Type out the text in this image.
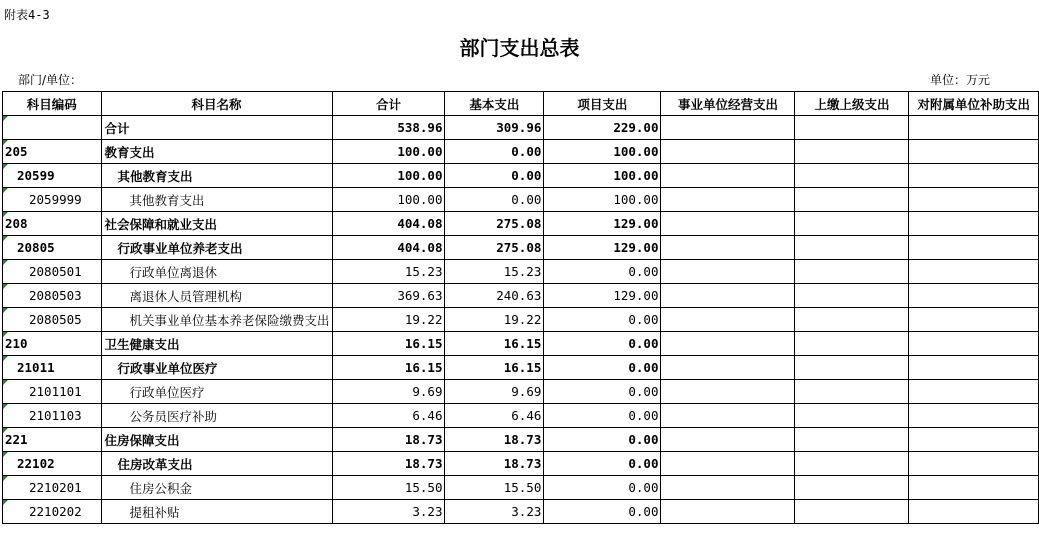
附表4-3
部门支出总表
部门/单位：	单位：万元
科目编码	科目名称	合计	基本支出	项目支出	事业单位经营支出	上缴上级支出	对附属单位补助支出

	合计	538.96	309.96	229.00			

205	教育支出	100.00	0.00	100.00			

20599	其他教育支出	100.00	0.00	100.00			

2059999	其他教育支出	100.00	0.00	100.00			

208	社会保障和就业支出	404.08	275.08	129.00			

20805	行政事业单位养老支出	404.08	275.08	129.00			

2080501	行政单位离退休	15.23	15.23	0.00			

2080503	离退休人员管理机构	369.63	240.63	129.00			

2080505	机关事业单位基本养老保险缴费支出	19.22	19.22	0.00			

210	卫生健康支出	16.15	16.15	0.00			

21011	行政事业单位医疗	16.15	16.15	0.00			

2101101	行政单位医疗	9.69	9.69	0.00			

2101103	公务员医疗补助	6.46	6.46	0.00			

221	住房保障支出	18.73	18.73	0.00			

22102	住房改革支出	18.73	18.73	0.00			

2210201	住房公积金	15.50	15.50	0.00			

2210202	提租补贴	3.23	3.23	0.00			
